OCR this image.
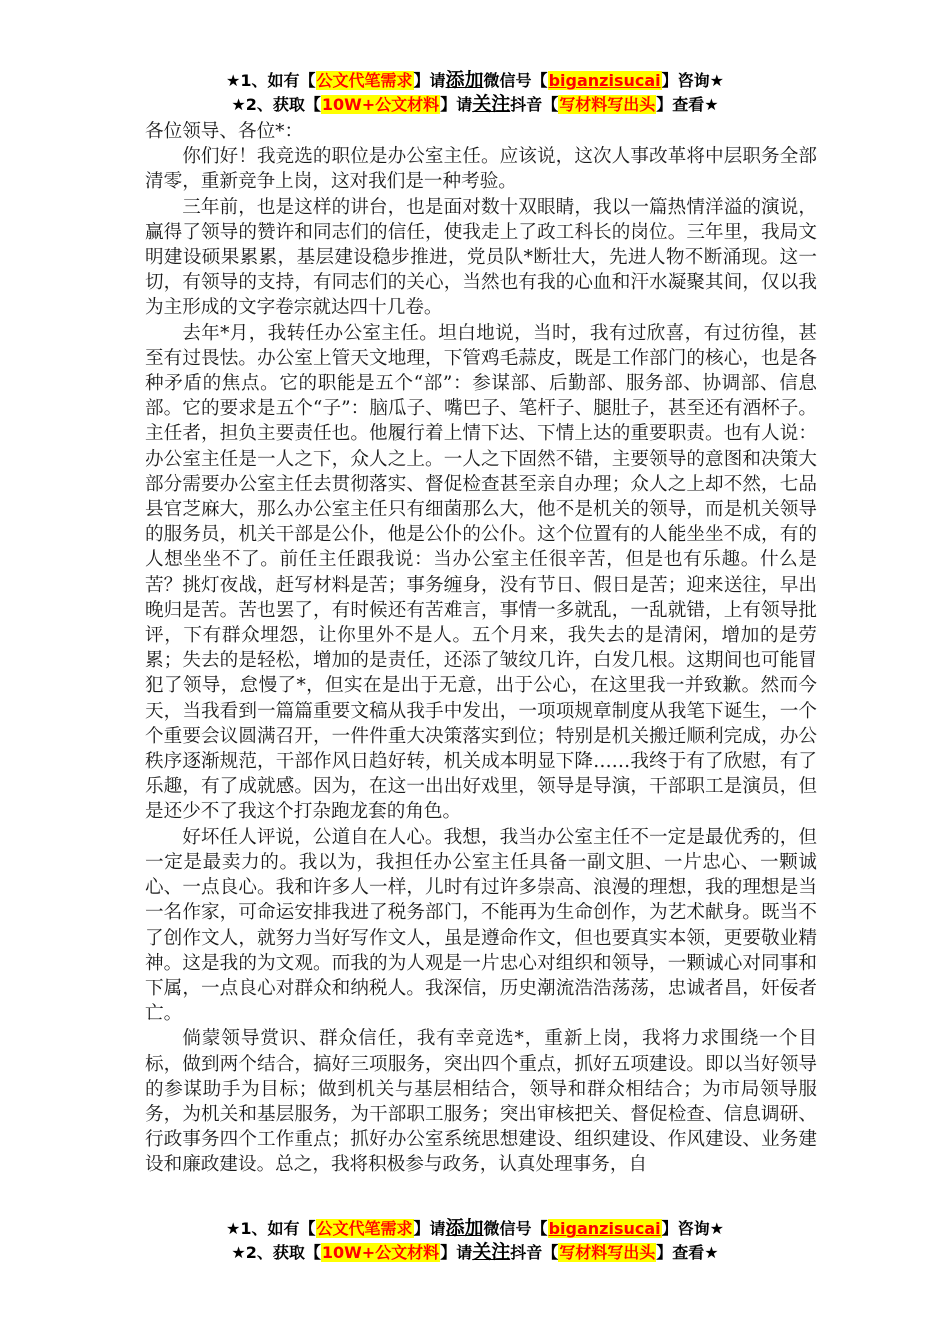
★1、如有【公文代笔需求】请添加微信号【biganzisucai】咨询★
★2、获取【10W+公文材料】请关注抖音【写材料写出头】查看★

各位领导、各位*：

你们好！我竞选的职位是办公室主任。应该说，这次人事改革将中层职务全部清零，重新竞争上岗，这对我们是一种考验。

三年前，也是这样的讲台，也是面对数十双眼睛，我以一篇热情洋溢的演说，赢得了领导的赞许和同志们的信任，使我走上了政工科长的岗位。三年里，我局文明建设硕果累累，基层建设稳步推进，党员队*断壮大，先进人物不断涌现。这一切，有领导的支持，有同志们的关心，当然也有我的心血和汗水凝聚其间，仅以我为主形成的文字卷宗就达四十几卷。

去年*月，我转任办公室主任。坦白地说，当时，我有过欣喜，有过彷徨，甚至有过畏怯。办公室上管天文地理，下管鸡毛蒜皮，既是工作部门的核心，也是各种矛盾的焦点。它的职能是五个“部”：参谋部、后勤部、服务部、协调部、信息部。它的要求是五个“子”：脑瓜子、嘴巴子、笔杆子、腿肚子，甚至还有酒杯子。主任者，担负主要责任也。他履行着上情下达、下情上达的重要职责。也有人说：办公室主任是一人之下，众人之上。一人之下固然不错，主要领导的意图和决策大部分需要办公室主任去贯彻落实、督促检查甚至亲自办理；众人之上却不然，七品县官芝麻大，那么办公室主任只有细菌那么大，他不是机关的领导，而是机关领导的服务员，机关干部是公仆，他是公仆的公仆。这个位置有的人能坐坐不成，有的人想坐坐不了。前任主任跟我说：当办公室主任很辛苦，但是也有乐趣。什么是苦？挑灯夜战，赶写材料是苦；事务缠身，没有节日、假日是苦；迎来送往，早出晚归是苦。苦也罢了，有时候还有苦难言，事情一多就乱，一乱就错，上有领导批评，下有群众埋怨，让你里外不是人。五个月来，我失去的是清闲，增加的是劳累；失去的是轻松，增加的是责任，还添了皱纹几许，白发几根。这期间也可能冒犯了领导，怠慢了*，但实在是出于无意，出于公心，在这里我一并致歉。然而今天，当我看到一篇篇重要文稿从我手中发出，一项项规章制度从我笔下诞生，一个个重要会议圆满召开，一件件重大决策落实到位；特别是机关搬迁顺利完成，办公秩序逐渐规范，干部作风日趋好转，机关成本明显下降……我终于有了欣慰，有了乐趣，有了成就感。因为，在这一出出好戏里，领导是导演，干部职工是演员，但是还少不了我这个打杂跑龙套的角色。

好坏任人评说，公道自在人心。我想，我当办公室主任不一定是最优秀的，但一定是最卖力的。我以为，我担任办公室主任具备一副文胆、一片忠心、一颗诚心、一点良心。我和许多人一样，儿时有过许多崇高、浪漫的理想，我的理想是当一名作家，可命运安排我进了税务部门，不能再为生命创作，为艺术献身。既当不了创作文人，就努力当好写作文人，虽是遵命作文，但也要真实本领，更要敬业精神。这是我的为文观。而我的为人观是一片忠心对组织和领导，一颗诚心对同事和下属，一点良心对群众和纳税人。我深信，历史潮流浩浩荡荡，忠诚者昌，奸佞者亡。

倘蒙领导赏识、群众信任，我有幸竞选*，重新上岗，我将力求围绕一个目标，做到两个结合，搞好三项服务，突出四个重点，抓好五项建设。即以当好领导的参谋助手为目标；做到机关与基层相结合，领导和群众相结合；为市局领导服务，为机关和基层服务，为干部职工服务；突出审核把关、督促检查、信息调研、行政事务四个工作重点；抓好办公室系统思想建设、组织建设、作风建设、业务建设和廉政建设。总之，我将积极参与政务，认真处理事务，自

★1、如有【公文代笔需求】请添加微信号【biganzisucai】咨询★
★2、获取【10W+公文材料】请关注抖音【写材料写出头】查看★
